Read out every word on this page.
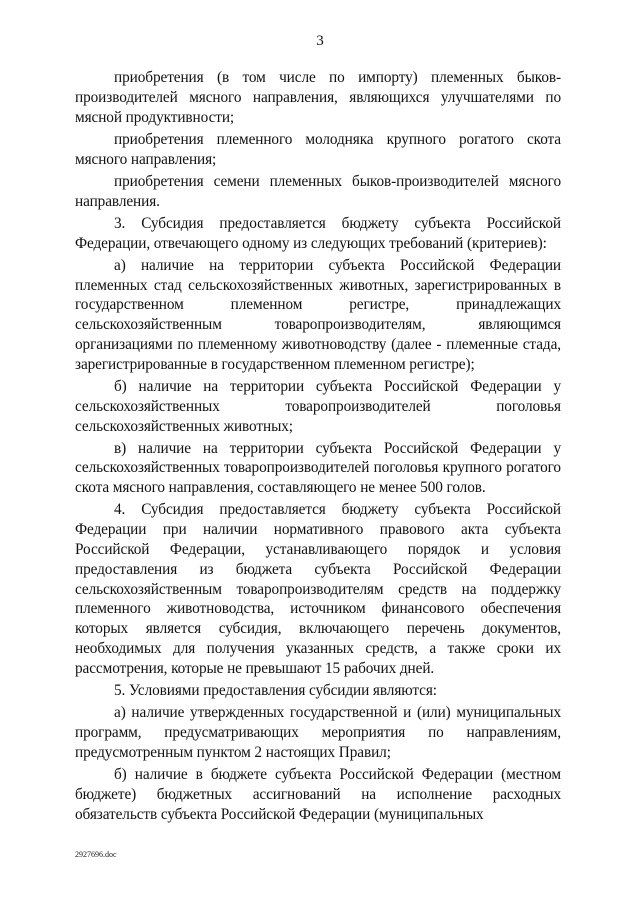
3

приобретения (в том числе по импорту) племенных быков-производителей мясного направления, являющихся улучшателями по мясной продуктивности;

приобретения племенного молодняка крупного рогатого скота мясного направления;

приобретения семени племенных быков-производителей мясного направления.

3. Субсидия предоставляется бюджету субъекта Российской Федерации, отвечающего одному из следующих требований (критериев):

а) наличие на территории субъекта Российской Федерации племенных стад сельскохозяйственных животных, зарегистрированных в государственном племенном регистре, принадлежащих сельскохозяйственным товаропроизводителям, являющимся организациями по племенному животноводству (далее - племенные стада, зарегистрированные в государственном племенном регистре);

б) наличие на территории субъекта Российской Федерации у сельскохозяйственных товаропроизводителей поголовья сельскохозяйственных животных;

в) наличие на территории субъекта Российской Федерации у сельскохозяйственных товаропроизводителей поголовья крупного рогатого скота мясного направления, составляющего не менее 500 голов.

4. Субсидия предоставляется бюджету субъекта Российской Федерации при наличии нормативного правового акта субъекта Российской Федерации, устанавливающего порядок и условия предоставления из бюджета субъекта Российской Федерации сельскохозяйственным товаропроизводителям средств на поддержку племенного животноводства, источником финансового обеспечения которых является субсидия, включающего перечень документов, необходимых для получения указанных средств, а также сроки их рассмотрения, которые не превышают 15 рабочих дней.

5. Условиями предоставления субсидии являются:

а) наличие утвержденных государственной и (или) муниципальных программ, предусматривающих мероприятия по направлениям, предусмотренным пунктом 2 настоящих Правил;

б) наличие в бюджете субъекта Российской Федерации (местном бюджете) бюджетных ассигнований на исполнение расходных обязательств субъекта Российской Федерации (муниципальных

2927696.doc
